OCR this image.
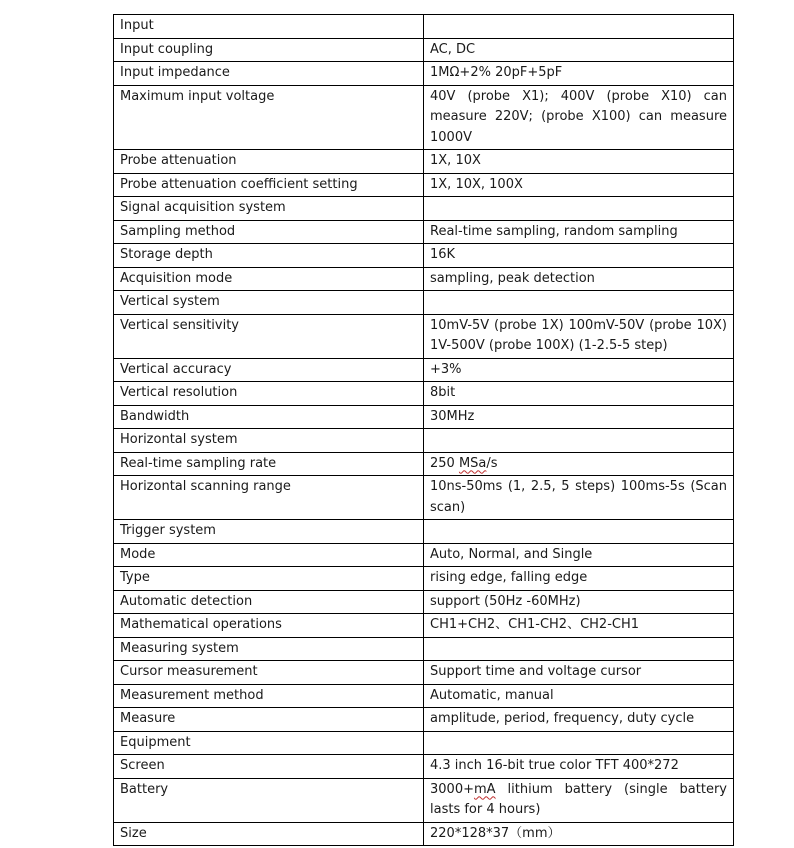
Input	
Input coupling	AC, DC
Input impedance	1MΩ+2% 20pF+5pF
Maximum input voltage	40V (probe X1); 400V (probe X10) can measure 220V; (probe X100) can measure 1000V
Probe attenuation	1X, 10X
Probe attenuation coefficient setting	1X, 10X, 100X
Signal acquisition system	
Sampling method	Real-time sampling, random sampling
Storage depth	16K
Acquisition mode	sampling, peak detection
Vertical system	
Vertical sensitivity	10mV-5V (probe 1X) 100mV-50V (probe 10X) 1V-500V (probe 100X) (1-2.5-5 step)
Vertical accuracy	+3%
Vertical resolution	8bit
Bandwidth	30MHz
Horizontal system	
Real-time sampling rate	250 MSa/s
Horizontal scanning range	10ns-50ms (1, 2.5, 5 steps) 100ms-5s (Scan scan)
Trigger system	
Mode	Auto, Normal, and Single
Type	rising edge, falling edge
Automatic detection	support (50Hz -60MHz)
Mathematical operations	CH1+CH2、CH1-CH2、CH2-CH1
Measuring system	
Cursor measurement	Support time and voltage cursor
Measurement method	Automatic, manual
Measure	amplitude, period, frequency, duty cycle
Equipment	
Screen	4.3 inch 16-bit true color TFT 400*272
Battery	3000+mA lithium battery (single battery lasts for 4 hours)
Size	220*128*37（mm）
